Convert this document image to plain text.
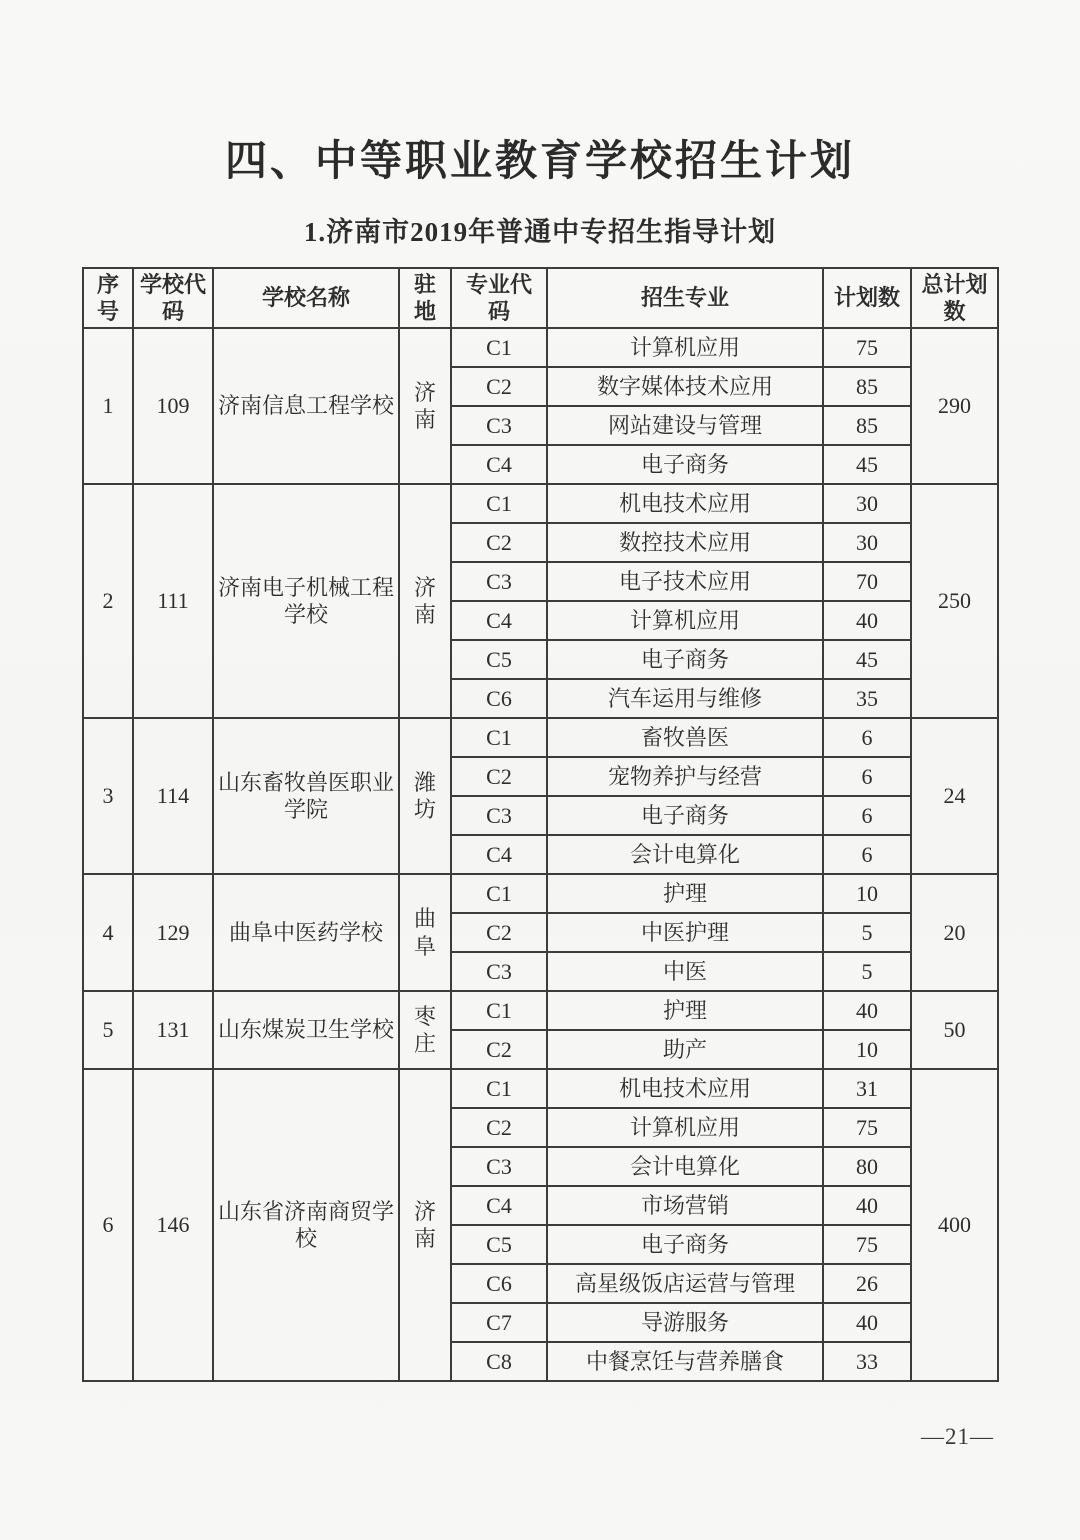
四、中等职业教育学校招生计划
1.济南市2019年普通中专招生指导计划
序号	学校代码	学校名称	驻地	专业代码	招生专业	计划数	总计划数
1	109	济南信息工程学校	济南	C1	计算机应用	75	290
				C2	数字媒体技术应用	85	
				C3	网站建设与管理	85	
				C4	电子商务	45	
2	111	济南电子机械工程学校	济南	C1	机电技术应用	30	250
				C2	数控技术应用	30	
				C3	电子技术应用	70	
				C4	计算机应用	40	
				C5	电子商务	45	
				C6	汽车运用与维修	35	
3	114	山东畜牧兽医职业学院	潍坊	C1	畜牧兽医	6	24
				C2	宠物养护与经营	6	
				C3	电子商务	6	
				C4	会计电算化	6	
4	129	曲阜中医药学校	曲阜	C1	护理	10	20
				C2	中医护理	5	
				C3	中医	5	
5	131	山东煤炭卫生学校	枣庄	C1	护理	40	50
				C2	助产	10	
6	146	山东省济南商贸学校	济南	C1	机电技术应用	31	400
				C2	计算机应用	75	
				C3	会计电算化	80	
				C4	市场营销	40	
				C5	电子商务	75	
				C6	高星级饭店运营与管理	26	
				C7	导游服务	40	
				C8	中餐烹饪与营养膳食	33	
—21—
